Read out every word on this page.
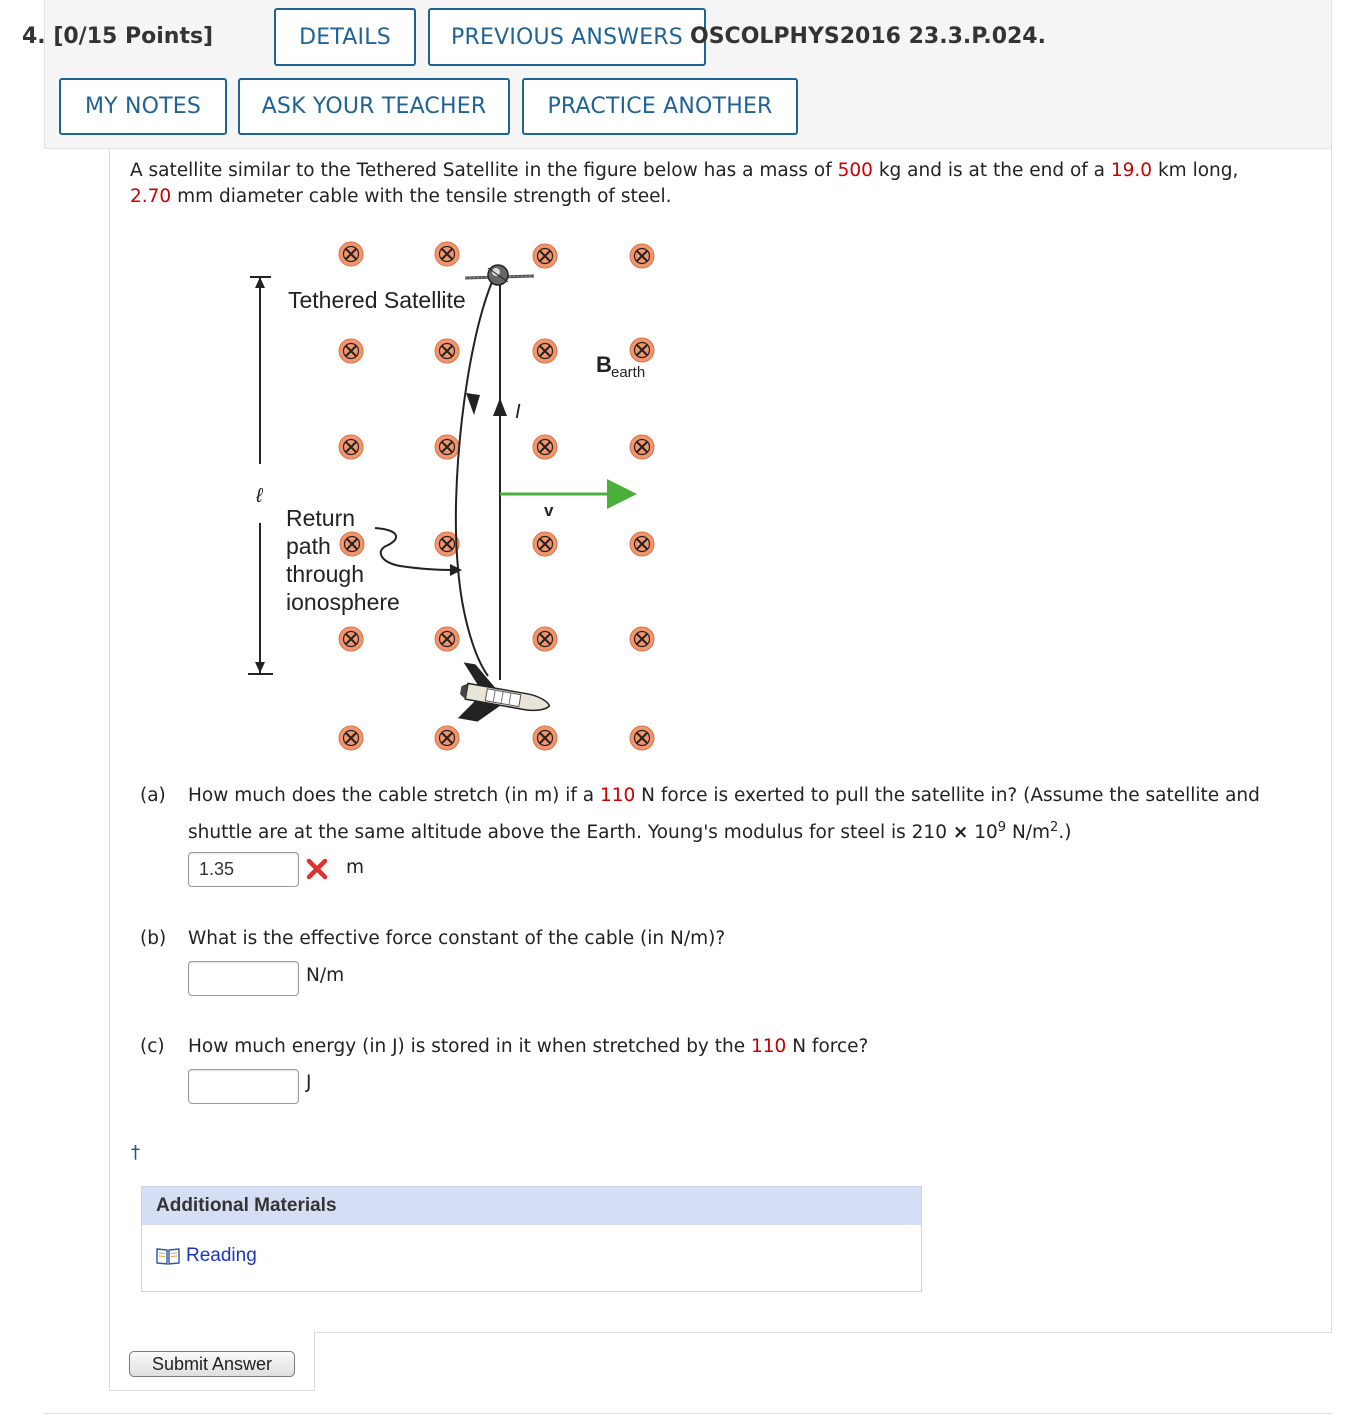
4. [0/15 Points]	DETAILS	PREVIOUS ANSWERS OSCOLPHYS2016 23.3.P.024.
MY NOTES	ASK YOUR TEACHER	PRACTICE ANOTHER
A satellite similar to the Tethered Satellite in the figure below has a mass of 500 kg and is at the end of a 19.0 km long,
2.70 mm diameter cable with the tensile strength of steel.
ℓ
I
v
B earth
Tethered Satellite
Return
path
through
ionosphere
(a) How much does the cable stretch (in m) if a 110 N force is exerted to pull the satellite in? (Assume the satellite and shuttle are at the same altitude above the Earth. Young's modulus for steel is $210 \times 10^9$ $N/m^2$.)
1.35
m
(b) What is the effective force constant of the cable (in N/m)?
N/m
(c) How much energy (in J) is stored in it when stretched by the 110 N force?
J
†
Additional Materials
Reading
Submit Answer
